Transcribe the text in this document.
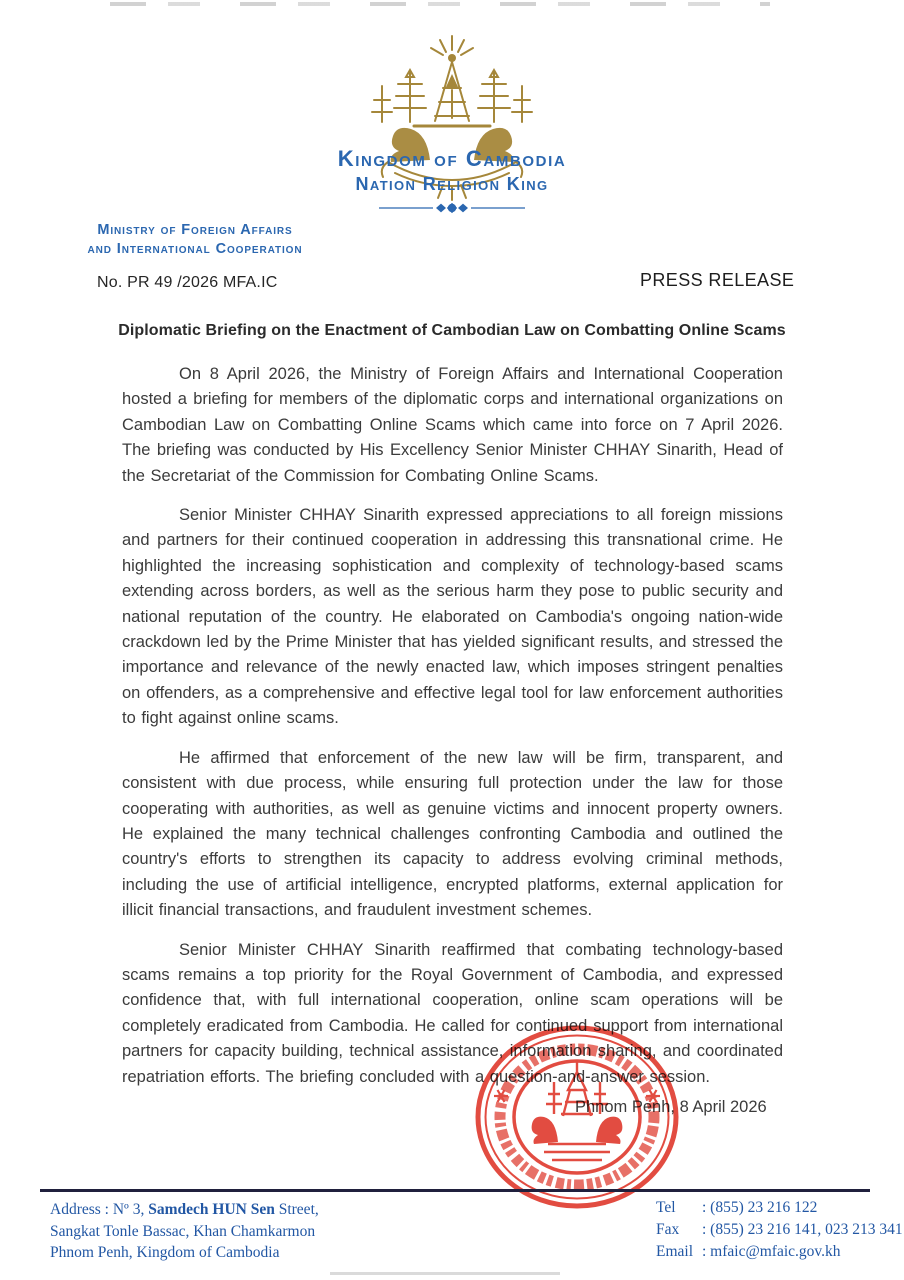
Kingdom of Cambodia
Nation Religion King
Ministry of Foreign Affairs
and International Cooperation
No. PR 49 /2026 MFA.IC	PRESS RELEASE
Diplomatic Briefing on the Enactment of Cambodian Law on Combatting Online Scams

On 8 April 2026, the Ministry of Foreign Affairs and International Cooperation hosted a briefing for members of the diplomatic corps and international organizations on Cambodian Law on Combatting Online Scams which came into force on 7 April 2026. The briefing was conducted by His Excellency Senior Minister CHHAY Sinarith, Head of the Secretariat of the Commission for Combating Online Scams.

Senior Minister CHHAY Sinarith expressed appreciations to all foreign missions and partners for their continued cooperation in addressing this transnational crime. He highlighted the increasing sophistication and complexity of technology-based scams extending across borders, as well as the serious harm they pose to public security and national reputation of the country. He elaborated on Cambodia's ongoing nation-wide crackdown led by the Prime Minister that has yielded significant results, and stressed the importance and relevance of the newly enacted law, which imposes stringent penalties on offenders, as a comprehensive and effective legal tool for law enforcement authorities to fight against online scams.

He affirmed that enforcement of the new law will be firm, transparent, and consistent with due process, while ensuring full protection under the law for those cooperating with authorities, as well as genuine victims and innocent property owners. He explained the many technical challenges confronting Cambodia and outlined the country's efforts to strengthen its capacity to address evolving criminal methods, including the use of artificial intelligence, encrypted platforms, external application for illicit financial transactions, and fraudulent investment schemes.

Senior Minister CHHAY Sinarith reaffirmed that combating technology-based scams remains a top priority for the Royal Government of Cambodia, and expressed confidence that, with full international cooperation, online scam operations will be completely eradicated from Cambodia. He called for continued support from international partners for capacity building, technical assistance, information sharing, and coordinated repatriation efforts. The briefing concluded with a question-and-answer session.

Phnom Penh, 8 April 2026
Address : Nº 3, Samdech HUN Sen Street,
Sangkat Tonle Bassac, Khan Chamkarmon
Phnom Penh, Kingdom of Cambodia
Tel	: (855) 23 216 122
Fax	: (855) 23 216 141, 023 213 341
Email : mfaic@mfaic.gov.kh
